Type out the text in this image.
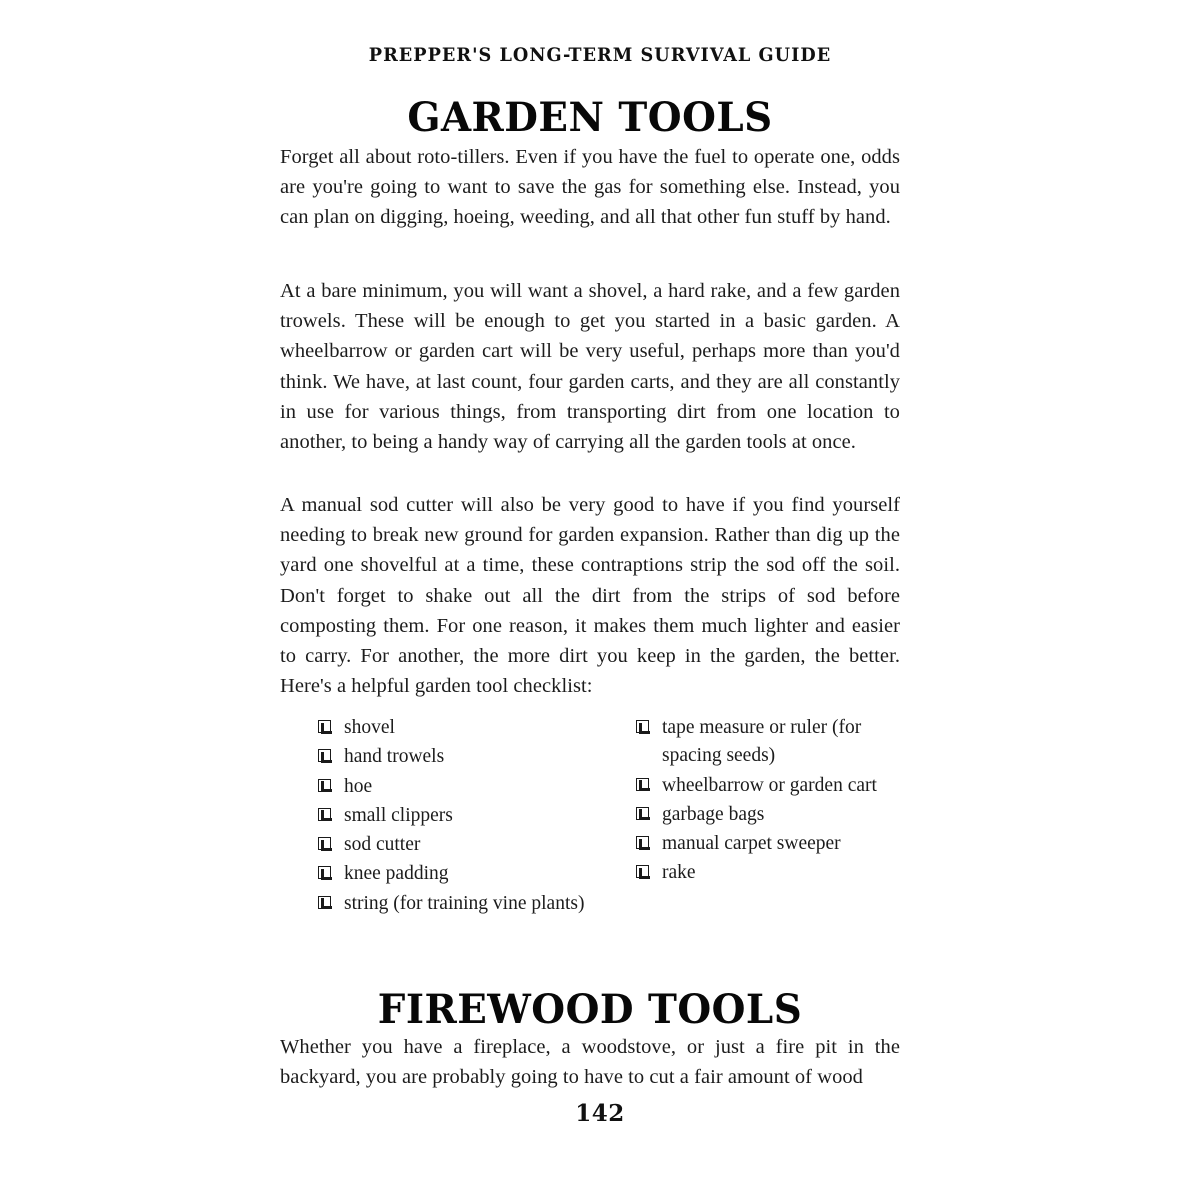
PREPPER'S LONG-TERM SURVIVAL GUIDE
GARDEN TOOLS

Forget all about roto-tillers. Even if you have the fuel to operate one, odds are you're going to want to save the gas for something else. Instead, you can plan on digging, hoeing, weeding, and all that other fun stuff by hand.

At a bare minimum, you will want a shovel, a hard rake, and a few garden trowels. These will be enough to get you started in a basic garden. A wheelbarrow or garden cart will be very useful, perhaps more than you'd think. We have, at last count, four garden carts, and they are all constantly in use for various things, from transporting dirt from one location to another, to being a handy way of carrying all the garden tools at once.

A manual sod cutter will also be very good to have if you find yourself needing to break new ground for garden expansion. Rather than dig up the yard one shovelful at a time, these contraptions strip the sod off the soil. Don't forget to shake out all the dirt from the strips of sod before composting them. For one reason, it makes them much lighter and easier to carry. For another, the more dirt you keep in the garden, the better. Here's a helpful garden tool checklist:

shovel
hand trowels
hoe
small clippers
sod cutter
knee padding
string (for training vine plants)
tape measure or ruler (for spacing seeds)
wheelbarrow or garden cart
garbage bags
manual carpet sweeper
rake
FIREWOOD TOOLS

Whether you have a fireplace, a woodstove, or just a fire pit in the backyard, you are probably going to have to cut a fair amount of wood

142
